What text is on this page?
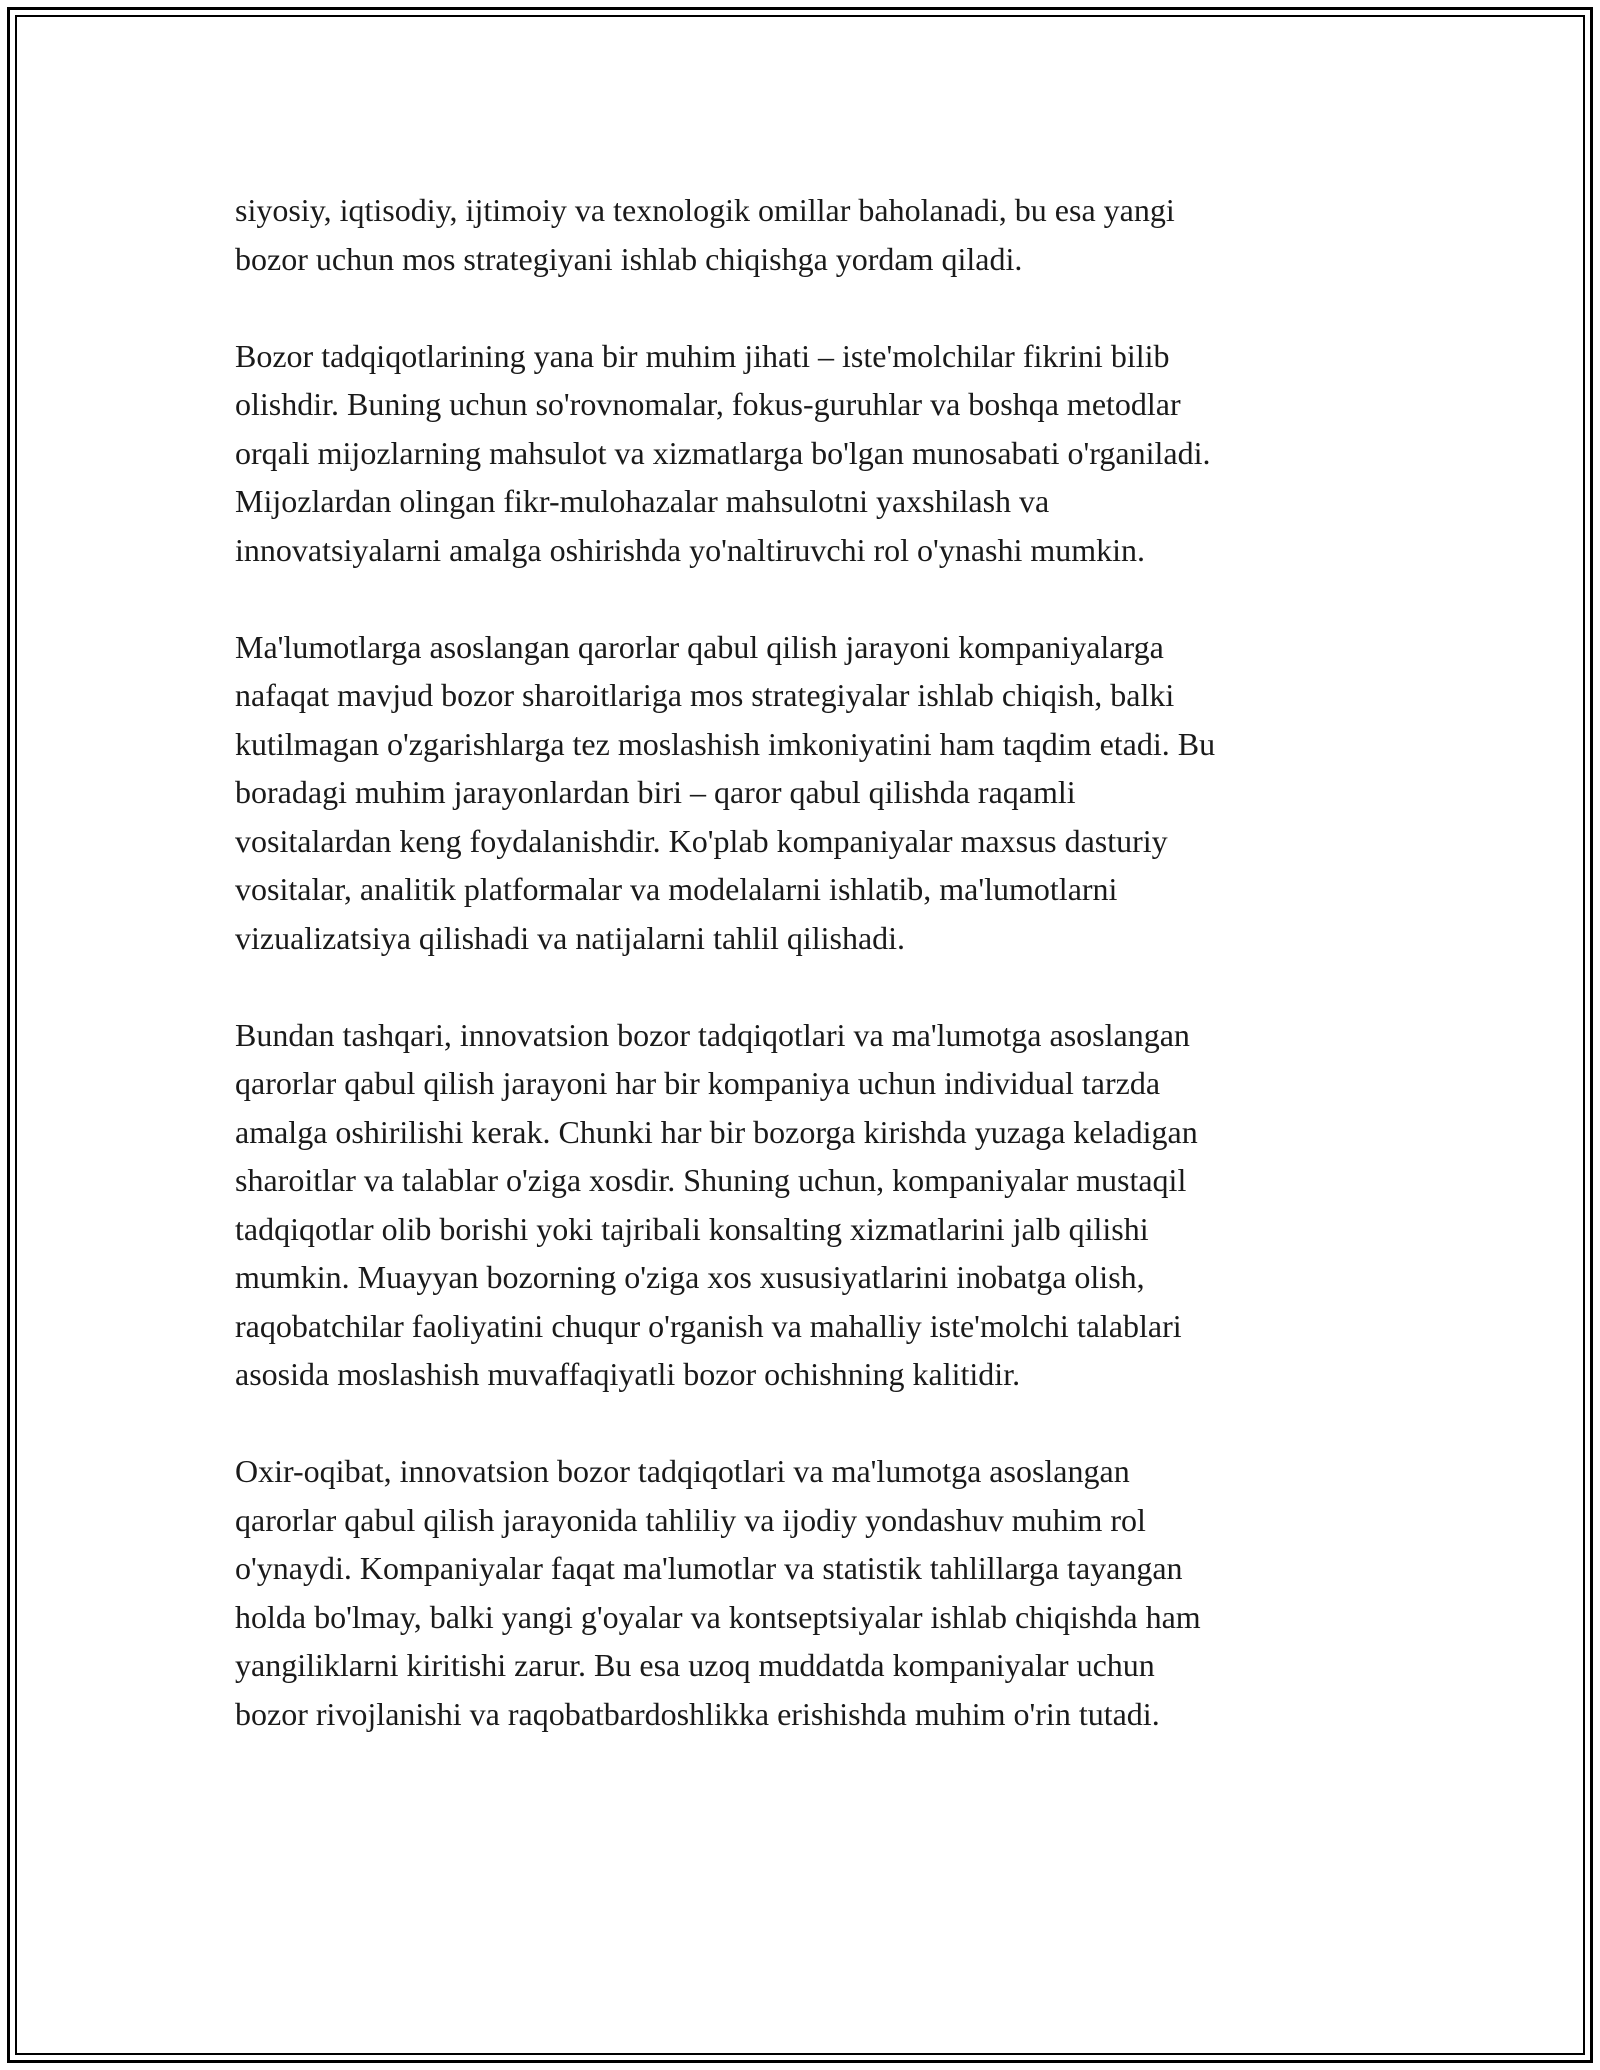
siyosiy, iqtisodiy, ijtimoiy va texnologik omillar baholanadi, bu esa yangi
bozor uchun mos strategiyani ishlab chiqishga yordam qiladi.

Bozor tadqiqotlarining yana bir muhim jihati – iste'molchilar fikrini bilib
olishdir. Buning uchun so'rovnomalar, fokus-guruhlar va boshqa metodlar
orqali mijozlarning mahsulot va xizmatlarga bo'lgan munosabati o'rganiladi.
Mijozlardan olingan fikr-mulohazalar mahsulotni yaxshilash va
innovatsiyalarni amalga oshirishda yo'naltiruvchi rol o'ynashi mumkin.

Ma'lumotlarga asoslangan qarorlar qabul qilish jarayoni kompaniyalarga
nafaqat mavjud bozor sharoitlariga mos strategiyalar ishlab chiqish, balki
kutilmagan o'zgarishlarga tez moslashish imkoniyatini ham taqdim etadi. Bu
boradagi muhim jarayonlardan biri – qaror qabul qilishda raqamli
vositalardan keng foydalanishdir. Ko'plab kompaniyalar maxsus dasturiy
vositalar, analitik platformalar va modelalarni ishlatib, ma'lumotlarni
vizualizatsiya qilishadi va natijalarni tahlil qilishadi.

Bundan tashqari, innovatsion bozor tadqiqotlari va ma'lumotga asoslangan
qarorlar qabul qilish jarayoni har bir kompaniya uchun individual tarzda
amalga oshirilishi kerak. Chunki har bir bozorga kirishda yuzaga keladigan
sharoitlar va talablar o'ziga xosdir. Shuning uchun, kompaniyalar mustaqil
tadqiqotlar olib borishi yoki tajribali konsalting xizmatlarini jalb qilishi
mumkin. Muayyan bozorning o'ziga xos xususiyatlarini inobatga olish,
raqobatchilar faoliyatini chuqur o'rganish va mahalliy iste'molchi talablari
asosida moslashish muvaffaqiyatli bozor ochishning kalitidir.

Oxir-oqibat, innovatsion bozor tadqiqotlari va ma'lumotga asoslangan
qarorlar qabul qilish jarayonida tahliliy va ijodiy yondashuv muhim rol
o'ynaydi. Kompaniyalar faqat ma'lumotlar va statistik tahlillarga tayangan
holda bo'lmay, balki yangi g'oyalar va kontseptsiyalar ishlab chiqishda ham
yangiliklarni kiritishi zarur. Bu esa uzoq muddatda kompaniyalar uchun
bozor rivojlanishi va raqobatbardoshlikka erishishda muhim o'rin tutadi.
